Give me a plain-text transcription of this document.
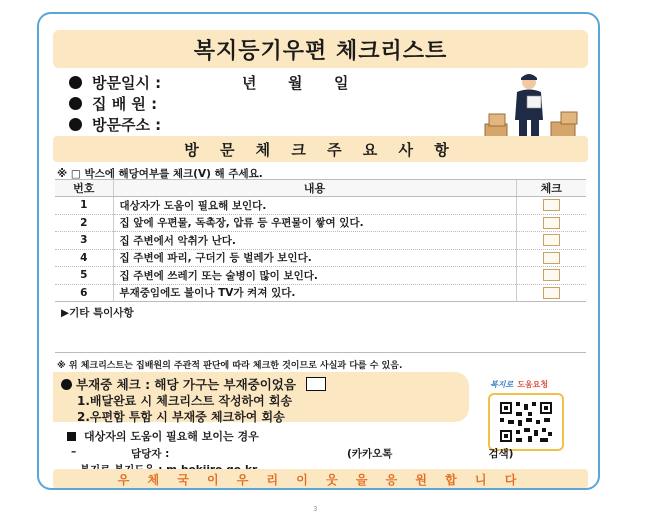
복지등기우편 체크리스트
방문일시 :	년	월	일
집 배 원 :
방문주소 :
방 문 체 크 주 요 사 항
※ □ 박스에 해당여부를 체크(V) 해 주세요.
번호	내용	체크
1	대상자가 도움이 필요해 보인다.	
2	집 앞에 우편물, 독촉장, 압류 등 우편물이 쌓여 있다.	
3	집 주변에서 악취가 난다.	
4	집 주변에 파리, 구더기 등 벌레가 보인다.	
5	집 주변에 쓰레기 또는 술병이 많이 보인다.	
6	부재중임에도 불이나 TV가 켜져 있다.	
▶기타 특이사항
※ 위 체크리스트는 집배원의 주관적 판단에 따라 체크한 것이므로 사실과 다를 수 있음.
부재중 체크 : 해당 가구는 부재중이었음
1.배달완료 시 체크리스트 작성하여 회송
2.우편함 투함 시 부재중 체크하여 회송
복지로 도움요청
대상자의 도움이 필요해 보이는 경우
–	담당자 :	(카카오톡	검색)
우 체 국 이 우 리 이 웃 을 응 원 합 니 다
3
